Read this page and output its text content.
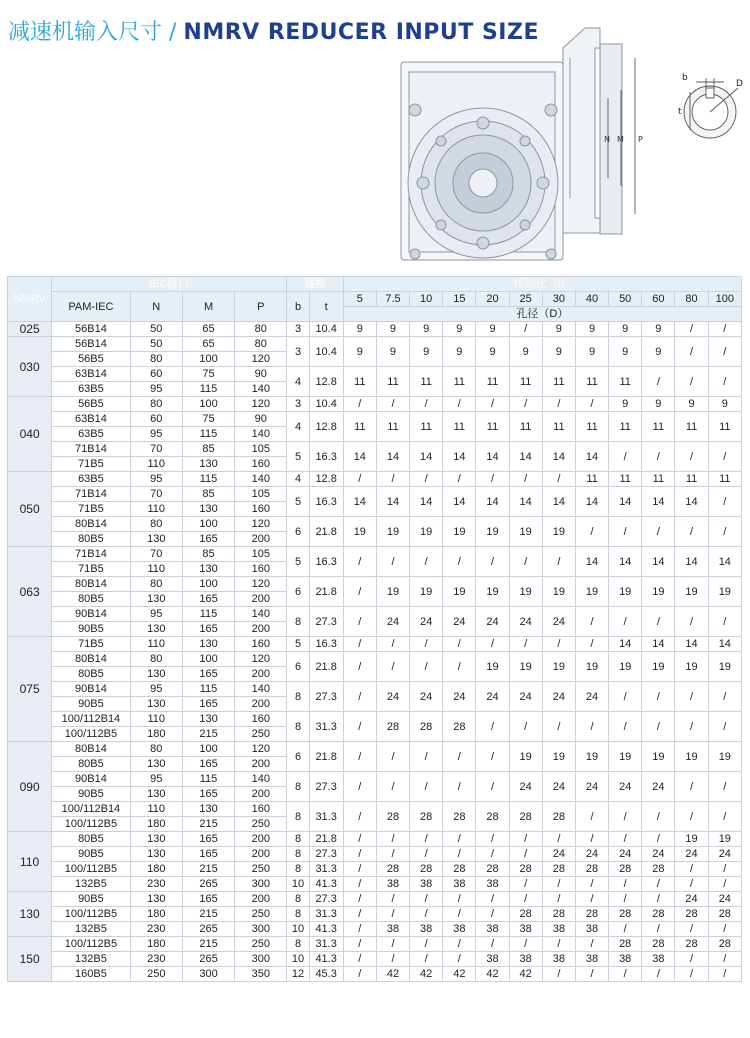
减速机输入尺寸 / NMRV REDUCER INPUT SIZE
N M P
b
t
D
NMRV	IEC接口				键槽		传动比（i）											
	PAM-IEC	N	M	P	b	t	5	7.5	10	15	20	25	30	40	50	60	80	100
							孔径（D）											
025	56B14	50	65	80	3	10.4	9	9	9	9	9	/	9	9	9	9	/	/
030	56B14	50	65	80	3	10.4	9	9	9	9	9	9	9	9	9	9	/	/
	56B5	80	100	120														
	63B14	60	75	90	4	12.8	11	11	11	11	11	11	11	11	11	/	/	/
	63B5	95	115	140														
040	56B5	80	100	120	3	10.4	/	/	/	/	/	/	/	/	9	9	9	9
	63B14	60	75	90	4	12.8	11	11	11	11	11	11	11	11	11	11	11	11
	63B5	95	115	140														
	71B14	70	85	105	5	16.3	14	14	14	14	14	14	14	14	/	/	/	/
	71B5	110	130	160														
050	63B5	95	115	140	4	12.8	/	/	/	/	/	/	/	11	11	11	11	11
	71B14	70	85	105	5	16.3	14	14	14	14	14	14	14	14	14	14	14	/
	71B5	110	130	160														
	80B14	80	100	120	6	21.8	19	19	19	19	19	19	19	/	/	/	/	/
	80B5	130	165	200														
063	71B14	70	85	105	5	16.3	/	/	/	/	/	/	/	14	14	14	14	14
	71B5	110	130	160														
	80B14	80	100	120	6	21.8	/	19	19	19	19	19	19	19	19	19	19	19
	80B5	130	165	200														
	90B14	95	115	140	8	27.3	/	24	24	24	24	24	24	/	/	/	/	/
	90B5	130	165	200														
075	71B5	110	130	160	5	16.3	/	/	/	/	/	/	/	/	14	14	14	14
	80B14	80	100	120	6	21.8	/	/	/	/	19	19	19	19	19	19	19	19
	80B5	130	165	200														
	90B14	95	115	140	8	27.3	/	24	24	24	24	24	24	24	/	/	/	/
	90B5	130	165	200														
	100/112B14	110	130	160	8	31.3	/	28	28	28	/	/	/	/	/	/	/	/
	100/112B5	180	215	250														
090	80B14	80	100	120	6	21.8	/	/	/	/	/	19	19	19	19	19	19	19
	80B5	130	165	200														
	90B14	95	115	140	8	27.3	/	/	/	/	/	24	24	24	24	24	/	/
	90B5	130	165	200														
	100/112B14	110	130	160	8	31.3	/	28	28	28	28	28	28	/	/	/	/	/
	100/112B5	180	215	250														
110	80B5	130	165	200	8	21.8	/	/	/	/	/	/	/	/	/	/	19	19
	90B5	130	165	200	8	27.3	/	/	/	/	/	/	24	24	24	24	24	24
	100/112B5	180	215	250	8	31.3	/	28	28	28	28	28	28	28	28	28	/	/
	132B5	230	265	300	10	41.3	/	38	38	38	38	/	/	/	/	/	/	/
130	90B5	130	165	200	8	27.3	/	/	/	/	/	/	/	/	/	/	24	24
	100/112B5	180	215	250	8	31.3	/	/	/	/	/	28	28	28	28	28	28	28
	132B5	230	265	300	10	41.3	/	38	38	38	38	38	38	38	/	/	/	/
150	100/112B5	180	215	250	8	31.3	/	/	/	/	/	/	/	/	28	28	28	28
	132B5	230	265	300	10	41.3	/	/	/	/	38	38	38	38	38	38	/	/
	160B5	250	300	350	12	45.3	/	42	42	42	42	42	/	/	/	/	/	/
